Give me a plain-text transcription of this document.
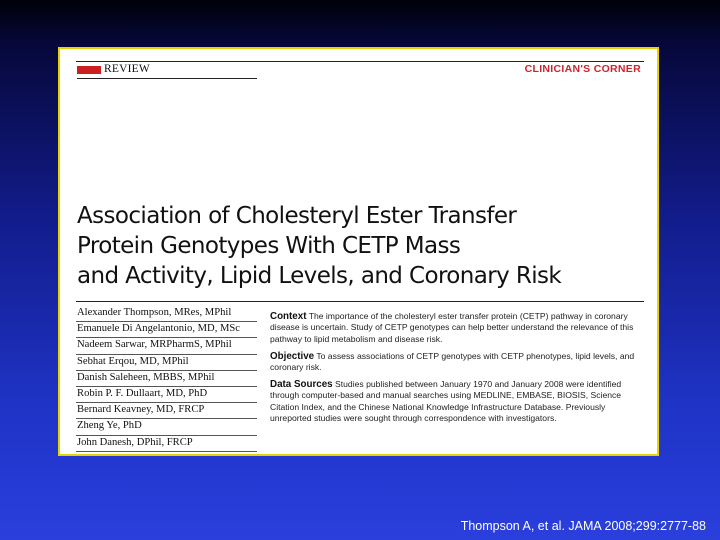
REVIEW	CLINICIAN'S CORNER
Association of Cholesteryl Ester Transfer
Protein Genotypes With CETP Mass
and Activity, Lipid Levels, and Coronary Risk
Alexander Thompson, MRes, MPhil
Emanuele Di Angelantonio, MD, MSc
Nadeem Sarwar, MRPharmS, MPhil
Sebhat Erqou, MD, MPhil
Danish Saleheen, MBBS, MPhil
Robin P. F. Dullaart, MD, PhD
Bernard Keavney, MD, FRCP
Zheng Ye, PhD
John Danesh, DPhil, FRCP

Context The importance of the cholesteryl ester transfer protein (CETP) pathway in coronary disease is uncertain. Study of CETP genotypes can help better understand the relevance of this pathway to lipid metabolism and disease risk.

Objective To assess associations of CETP genotypes with CETP phenotypes, lipid levels, and coronary risk.

Data Sources Studies published between January 1970 and January 2008 were identified through computer-based and manual searches using MEDLINE, EMBASE, BIOSIS, Science Citation Index, and the Chinese National Knowledge Infrastructure Database. Previously unreported studies were sought through correspondence with investigators.

Thompson A, et al. JAMA 2008;299:2777-88
